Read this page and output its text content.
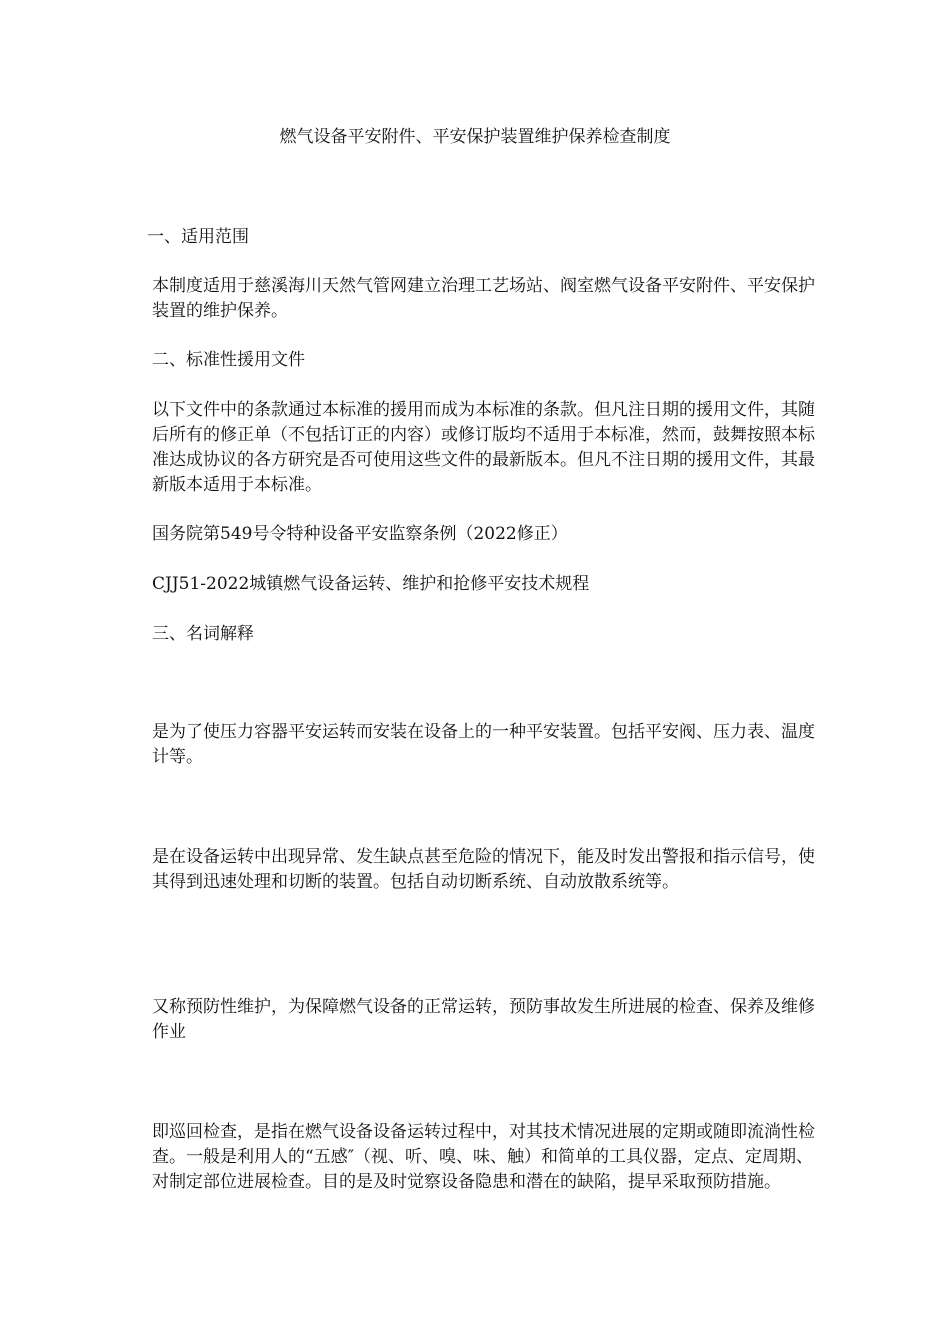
燃气设备平安附件、平安保护装置维护保养检查制度

一、适用范围

本制度适用于慈溪海川天然气管网建立治理工艺场站、阀室燃气设备平安附件、平安保护装置的维护保养。

二、标准性援用文件

以下文件中的条款通过本标准的援用而成为本标准的条款。但凡注日期的援用文件，其随后所有的修正单（不包括订正的内容）或修订版均不适用于本标准，然而，鼓舞按照本标准达成协议的各方研究是否可使用这些文件的最新版本。但凡不注日期的援用文件，其最新版本适用于本标准。

国务院第549号令特种设备平安监察条例（2022修正）

CJJ51-2022城镇燃气设备运转、维护和抢修平安技术规程

三、名词解释

是为了使压力容器平安运转而安装在设备上的一种平安装置。包括平安阀、压力表、温度计等。

是在设备运转中出现异常、发生缺点甚至危险的情况下，能及时发出警报和指示信号，使其得到迅速处理和切断的装置。包括自动切断系统、自动放散系统等。

又称预防性维护，为保障燃气设备的正常运转，预防事故发生所进展的检查、保养及维修作业

即巡回检查，是指在燃气设备设备运转过程中，对其技术情况进展的定期或随即流淌性检查。一般是利用人的“五感″（视、听、嗅、味、触）和简单的工具仪器，定点、定周期、对制定部位进展检查。目的是及时觉察设备隐患和潜在的缺陷，提早采取预防措施。
